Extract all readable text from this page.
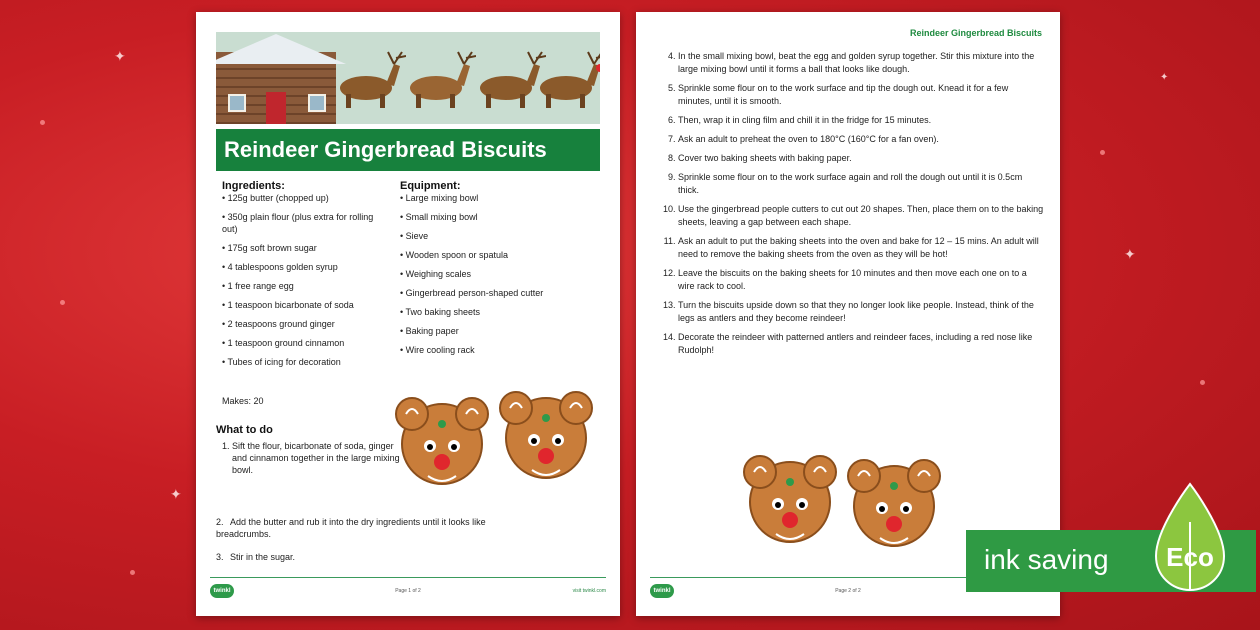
✦
✦
✦
✦
Reindeer Gingerbread Biscuits
Ingredients:
• 125g butter (chopped up)
• 350g plain flour (plus extra for rolling out)
• 175g soft brown sugar
• 4 tablespoons golden syrup
• 1 free range egg
• 1 teaspoon bicarbonate of soda
• 2 teaspoons ground ginger
• 1 teaspoon ground cinnamon
• Tubes of icing for decoration
Equipment:
• Large mixing bowl
• Small mixing bowl
• Sieve
• Wooden spoon or spatula
• Weighing scales
• Gingerbread person-shaped cutter
• Two baking sheets
• Baking paper
• Wire cooling rack
Makes: 20
What to do
1. Sift the flour, bicarbonate of soda, ginger and cinnamon together in the large mixing bowl.
2. Add the butter and rub it into the dry ingredients until it looks like breadcrumbs.
3. Stir in the sugar.
twinkl	Page 1 of 2	visit twinkl.com
Reindeer Gingerbread Biscuits
4. In the small mixing bowl, beat the egg and golden syrup together. Stir this mixture into the large mixing bowl until it forms a ball that looks like dough.
5. Sprinkle some flour on to the work surface and tip the dough out. Knead it for a few minutes, until it is smooth.
6. Then, wrap it in cling film and chill it in the fridge for 15 minutes.
7. Ask an adult to preheat the oven to 180°C (160°C for a fan oven).
8. Cover two baking sheets with baking paper.
9. Sprinkle some flour on to the work surface again and roll the dough out until it is 0.5cm thick.
10. Use the gingerbread people cutters to cut out 20 shapes. Then, place them on to the baking sheets, leaving a gap between each shape.
11. Ask an adult to put the baking sheets into the oven and bake for 12 – 15 mins. An adult will need to remove the baking sheets from the oven as they will be hot!
12. Leave the biscuits on the baking sheets for 10 minutes and then move each one on to a wire rack to cool.
13. Turn the biscuits upside down so that they no longer look like people. Instead, think of the legs as antlers and they become reindeer!
14. Decorate the reindeer with patterned antlers and reindeer faces, including a red nose like Rudolph!
twinkl	Page 2 of 2
ink saving Eco
